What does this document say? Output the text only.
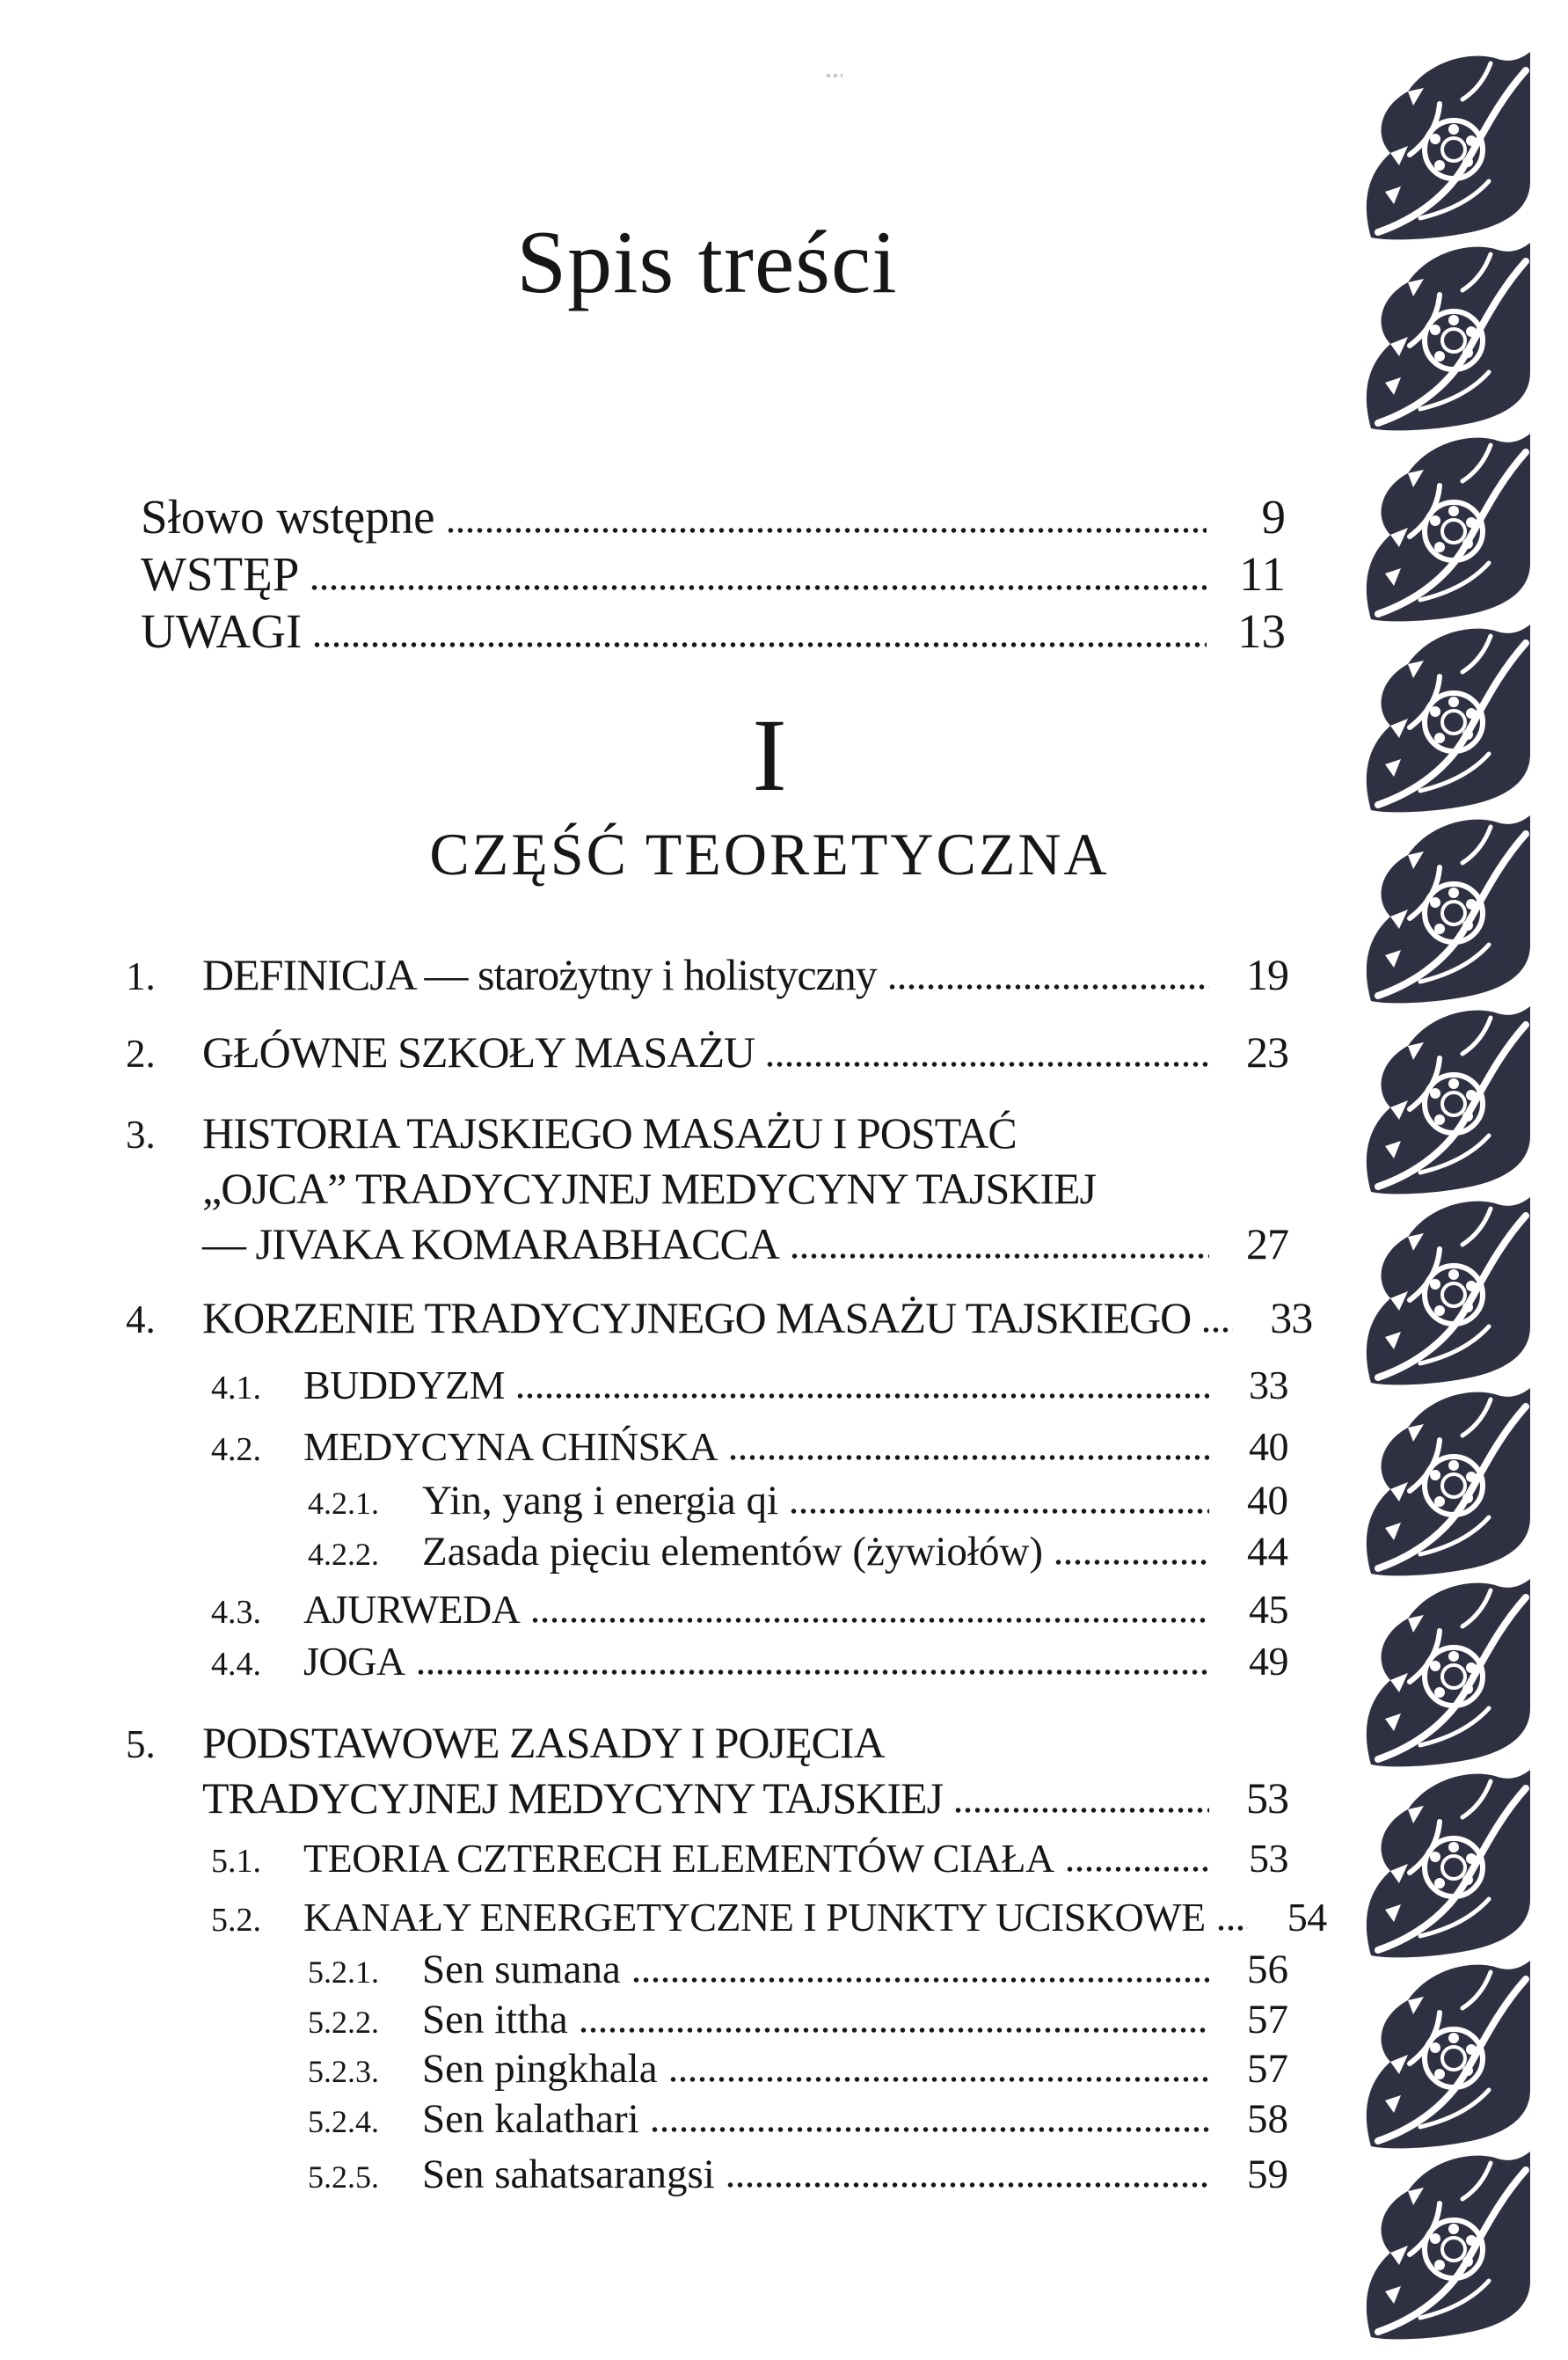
Spis treści
Słowo wstępne	9
WSTĘP	11
UWAGI	13
I
CZĘŚĆ TEORETYCZNA
1.	DEFINICJA — starożytny i holistyczny	19
2.	GŁÓWNE SZKOŁY MASAŻU	23
3.	HISTORIA TAJSKIEGO MASAŻU I POSTAĆ
„OJCA” TRADYCYJNEJ MEDYCYNY TAJSKIEJ
— JIVAKA KOMARABHACCA	27
4.	KORZENIE TRADYCYJNEGO MASAŻU TAJSKIEGO	33
4.1.	BUDDYZM	33
4.2.	MEDYCYNA CHIŃSKA	40
4.2.1.	Yin, yang i energia qi	40
4.2.2.	Zasada pięciu elementów (żywiołów)	44
4.3.	AJURWEDA	45
4.4.	JOGA	49
5.	PODSTAWOWE ZASADY I POJĘCIA
TRADYCYJNEJ MEDYCYNY TAJSKIEJ	53
5.1.	TEORIA CZTERECH ELEMENTÓW CIAŁA	53
5.2.	KANAŁY ENERGETYCZNE I PUNKTY UCISKOWE	54
5.2.1.	Sen sumana	56
5.2.2.	Sen ittha	57
5.2.3.	Sen pingkhala	57
5.2.4.	Sen kalathari	58
5.2.5.	Sen sahatsarangsi	59
